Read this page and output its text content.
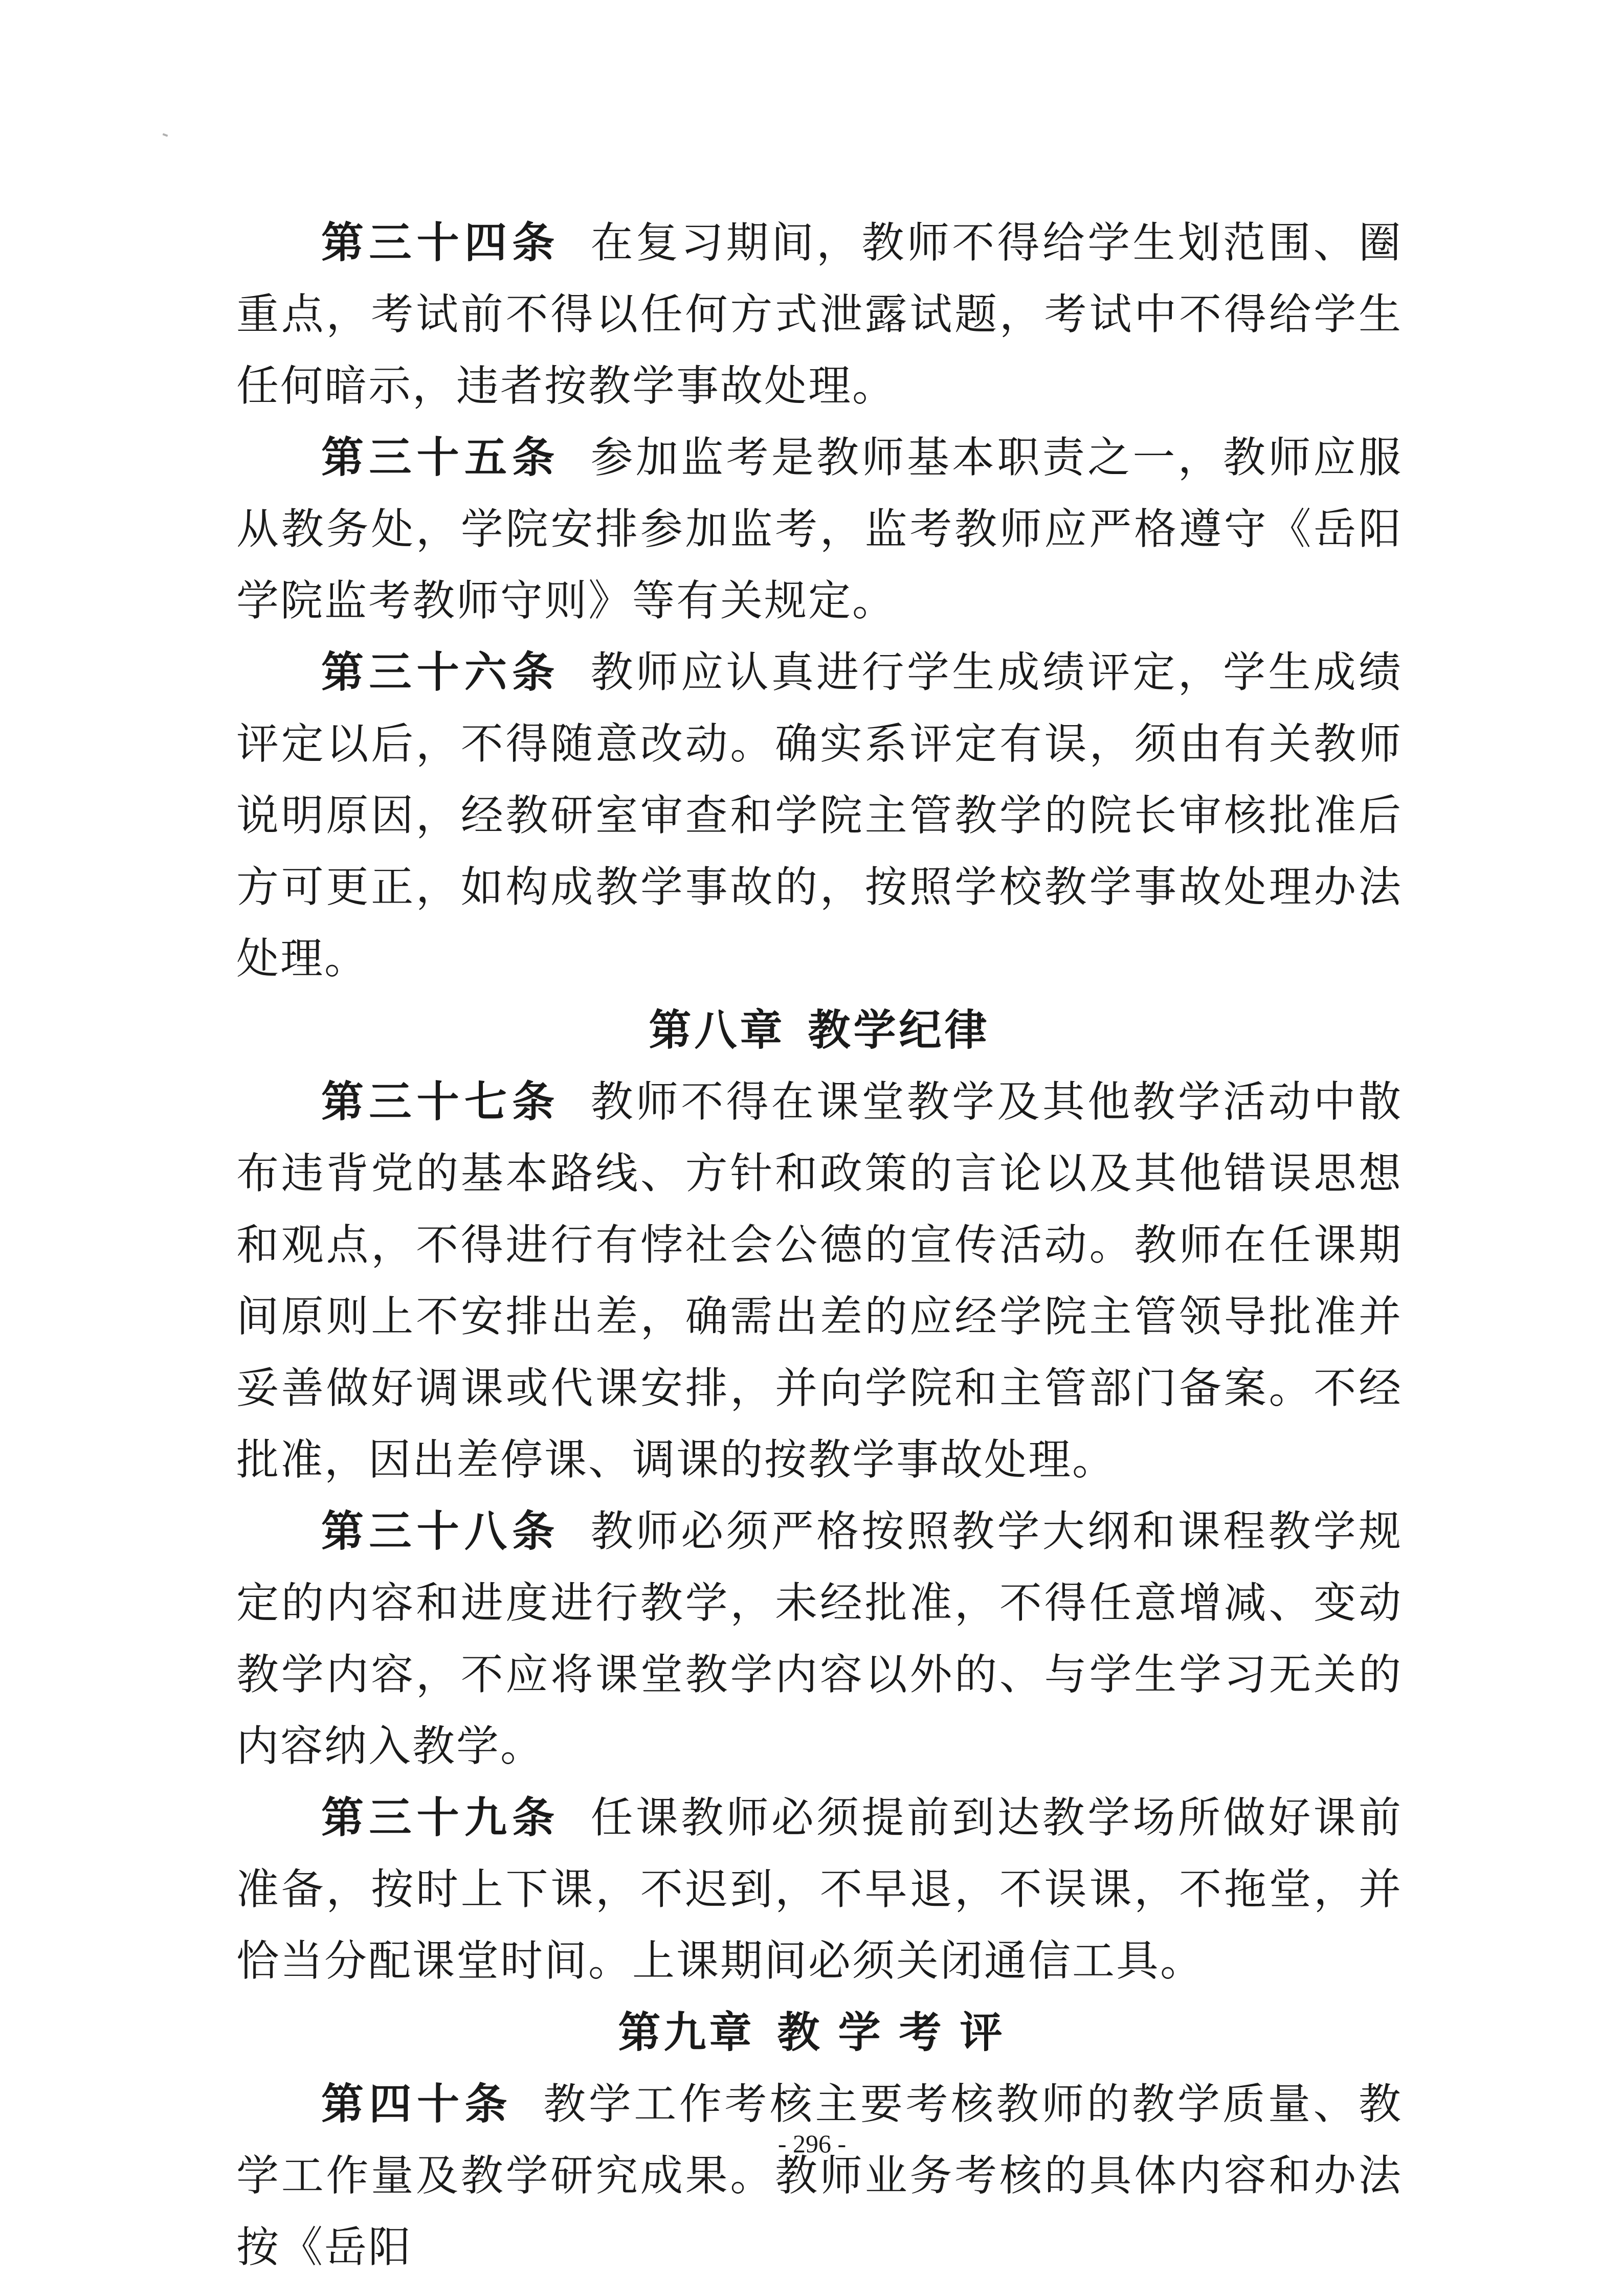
第三十四条 在复习期间，教师不得给学生划范围、圈重点，考试前不得以任何方式泄露试题，考试中不得给学生任何暗示，违者按教学事故处理。

第三十五条 参加监考是教师基本职责之一，教师应服从教务处，学院安排参加监考，监考教师应严格遵守《岳阳学院监考教师守则》等有关规定。

第三十六条 教师应认真进行学生成绩评定，学生成绩评定以后，不得随意改动。确实系评定有误，须由有关教师说明原因，经教研室审查和学院主管教学的院长审核批准后方可更正，如构成教学事故的，按照学校教学事故处理办法处理。

第八章 教学纪律

第三十七条 教师不得在课堂教学及其他教学活动中散布违背党的基本路线、方针和政策的言论以及其他错误思想和观点，不得进行有悖社会公德的宣传活动。教师在任课期间原则上不安排出差，确需出差的应经学院主管领导批准并妥善做好调课或代课安排，并向学院和主管部门备案。不经批准，因出差停课、调课的按教学事故处理。

第三十八条 教师必须严格按照教学大纲和课程教学规定的内容和进度进行教学，未经批准，不得任意增减、变动教学内容，不应将课堂教学内容以外的、与学生学习无关的内容纳入教学。

第三十九条 任课教师必须提前到达教学场所做好课前准备，按时上下课，不迟到，不早退，不误课，不拖堂，并恰当分配课堂时间。上课期间必须关闭通信工具。

第九章 教学考评

第四十条 教学工作考核主要考核教师的教学质量、教学工作量及教学研究成果。教师业务考核的具体内容和办法按《岳阳

- 296 -
